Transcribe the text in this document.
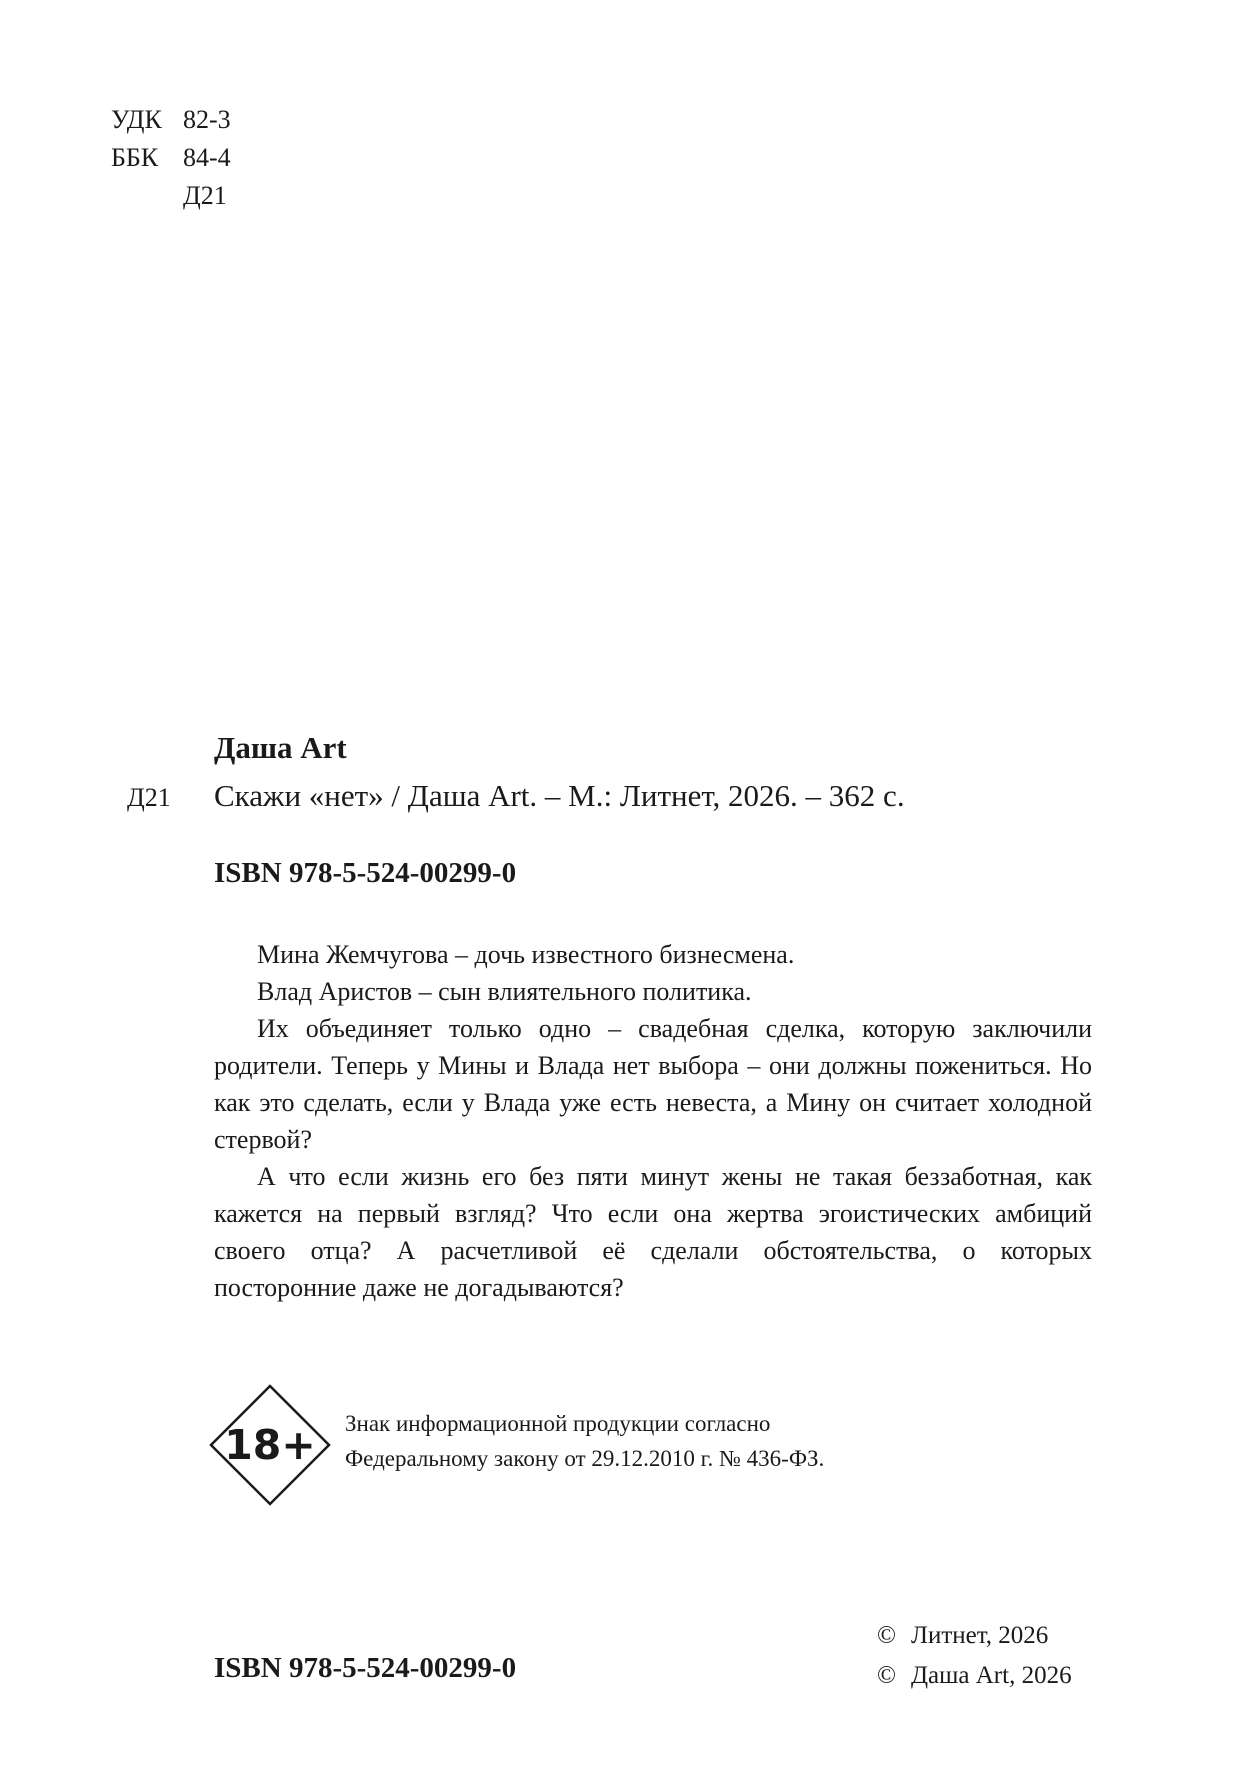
УДК 82-3
ББК 84-4
Д21
Даша Art
Д21 Скажи «нет» / Даша Art. – М.: Литнет, 2026. – 362 с.
ISBN 978-5-524-00299-0

Мина Жемчугова – дочь известного бизнесмена.

Влад Аристов – сын влиятельного политика.

Их объединяет только одно – свадебная сделка, которую заключили родители. Теперь у Мины и Влада нет выбора – они должны пожениться. Но как это сделать, если у Влада уже есть невеста, а Мину он считает холодной стервой?

А что если жизнь его без пяти минут жены не такая беззаботная, как кажется на первый взгляд? Что если она жертва эгоистических амбиций своего отца? А расчетливой её сделали обстоятельства, о которых посторонние даже не догадываются?

18+ Знак информационной продукции согласно
Федеральному закону от 29.12.2010 г. № 436-ФЗ.
ISBN 978-5-524-00299-0
© Литнет, 2026
© Даша Art, 2026
